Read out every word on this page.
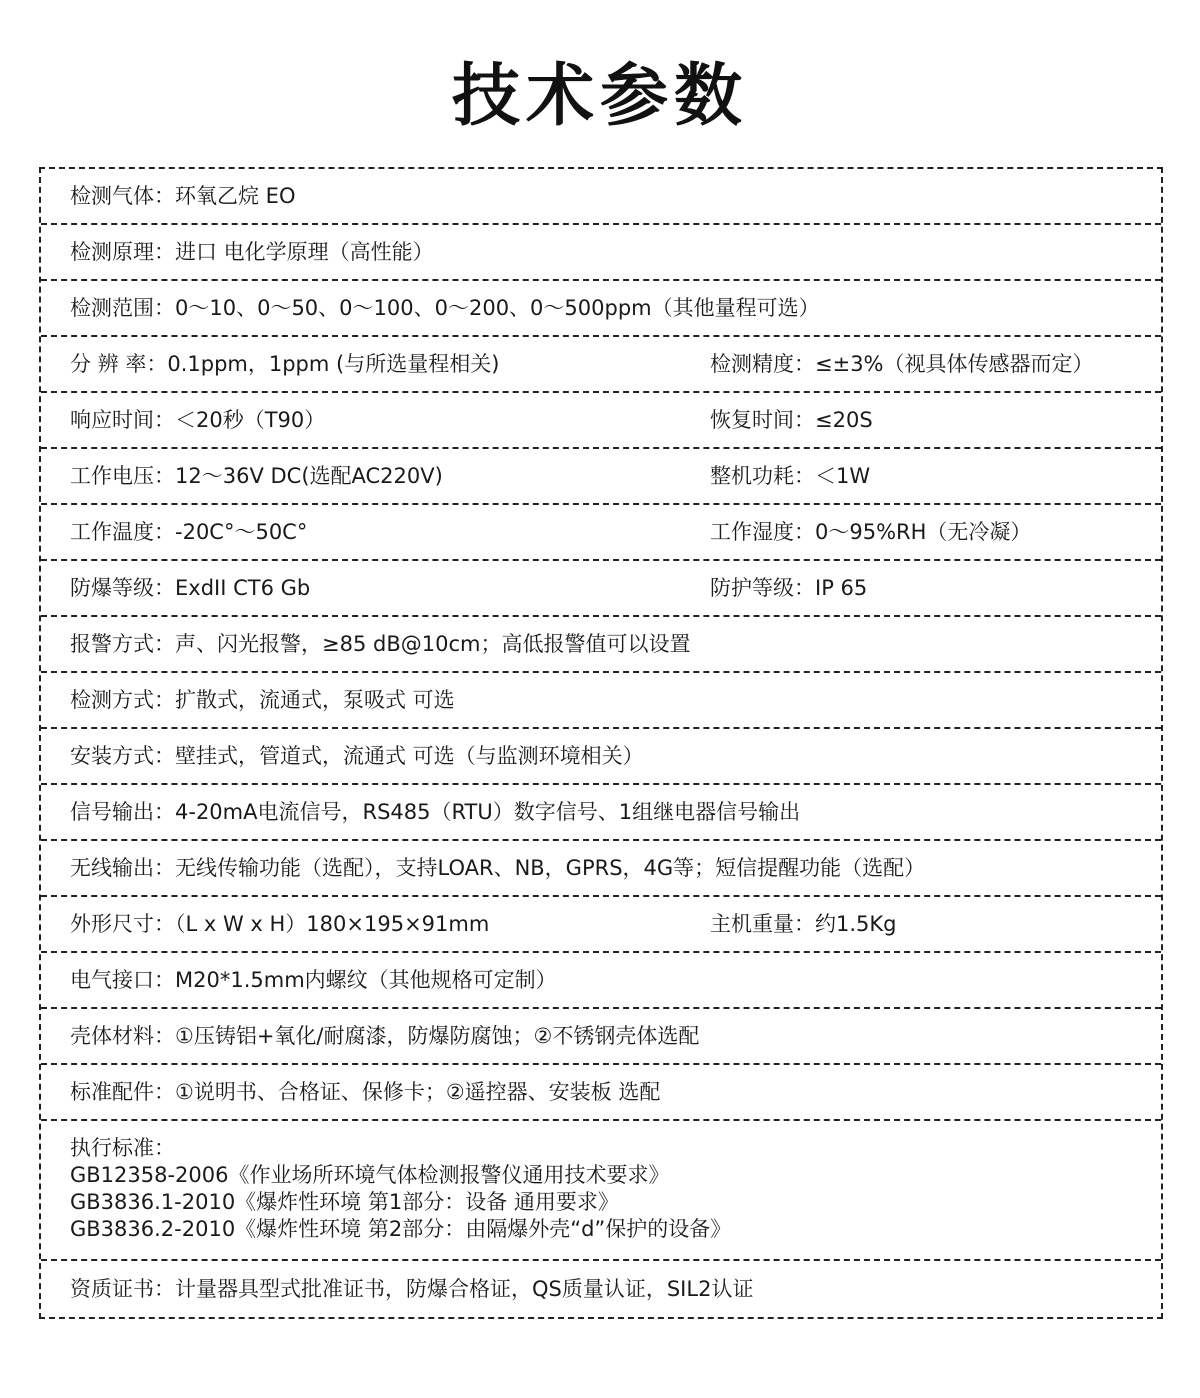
技术参数
检测气体：环氧乙烷 EO
检测原理：进口 电化学原理（高性能）
检测范围：0～10、0～50、0～100、0～200、0～500ppm（其他量程可选）
分 辨 率：0.1ppm，1ppm (与所选量程相关)	检测精度：≤±3%（视具体传感器而定）
响应时间：＜20秒（T90）	恢复时间：≤20S
工作电压：12～36V DC(选配AC220V)	整机功耗：＜1W
工作温度：-20C°～50C°	工作湿度：0～95%RH（无冷凝）
防爆等级：ExdII CT6 Gb	防护等级：IP 65
报警方式：声、闪光报警，≥85 dB@10cm；高低报警值可以设置
检测方式：扩散式，流通式，泵吸式 可选
安装方式：壁挂式，管道式，流通式 可选（与监测环境相关）
信号输出：4-20mA电流信号，RS485（RTU）数字信号、1组继电器信号输出
无线输出：无线传输功能（选配），支持LOAR、NB，GPRS，4G等；短信提醒功能（选配）
外形尺寸：（L x W x H）180×195×91mm	主机重量：约1.5Kg
电气接口：M20*1.5mm内螺纹（其他规格可定制）
壳体材料：①压铸铝+氧化/耐腐漆，防爆防腐蚀；②不锈钢壳体选配
标准配件：①说明书、合格证、保修卡；②遥控器、安装板 选配
执行标准：
GB12358-2006《作业场所环境气体检测报警仪通用技术要求》
GB3836.1-2010《爆炸性环境 第1部分：设备 通用要求》
GB3836.2-2010《爆炸性环境 第2部分：由隔爆外壳“d”保护的设备》
资质证书：计量器具型式批准证书，防爆合格证，QS质量认证，SIL2认证
